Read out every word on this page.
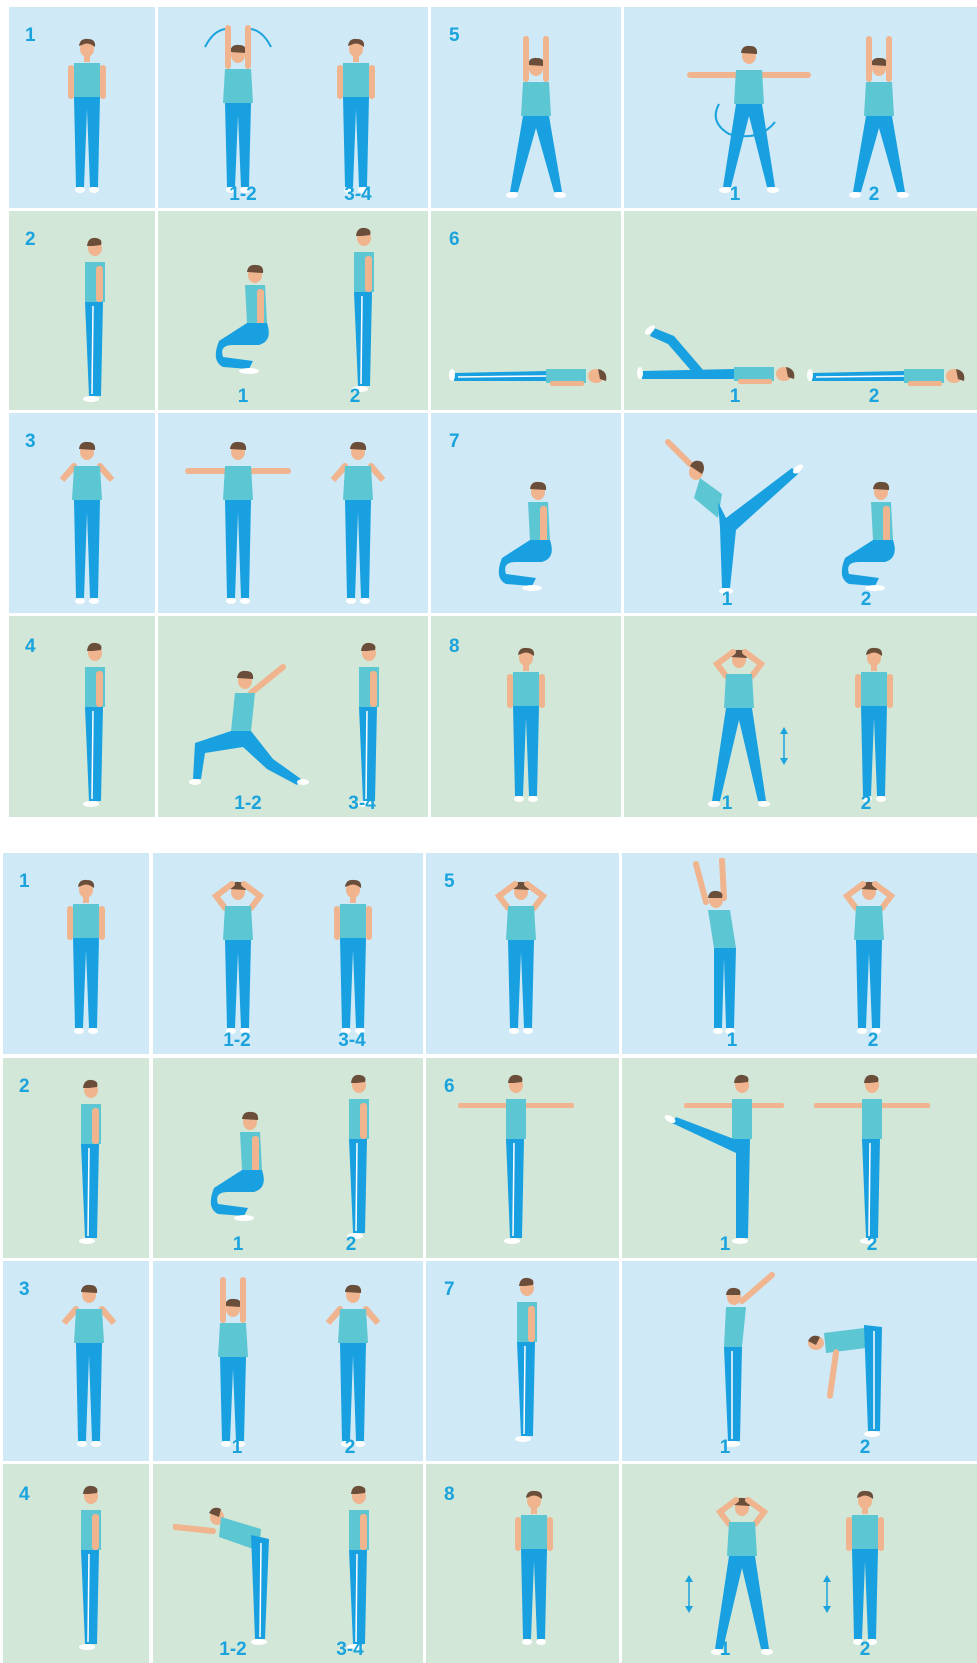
1
1-2	3-4
5
1	2
2
1	2
6
1	2
3	7
1	2
4
1-2	3-4
8
1	2
1
1-2	3-4
5
1	2
2
1	2
6
1	2
3
1	2
7
1	2
4
1-2	3-4
8
1	2
